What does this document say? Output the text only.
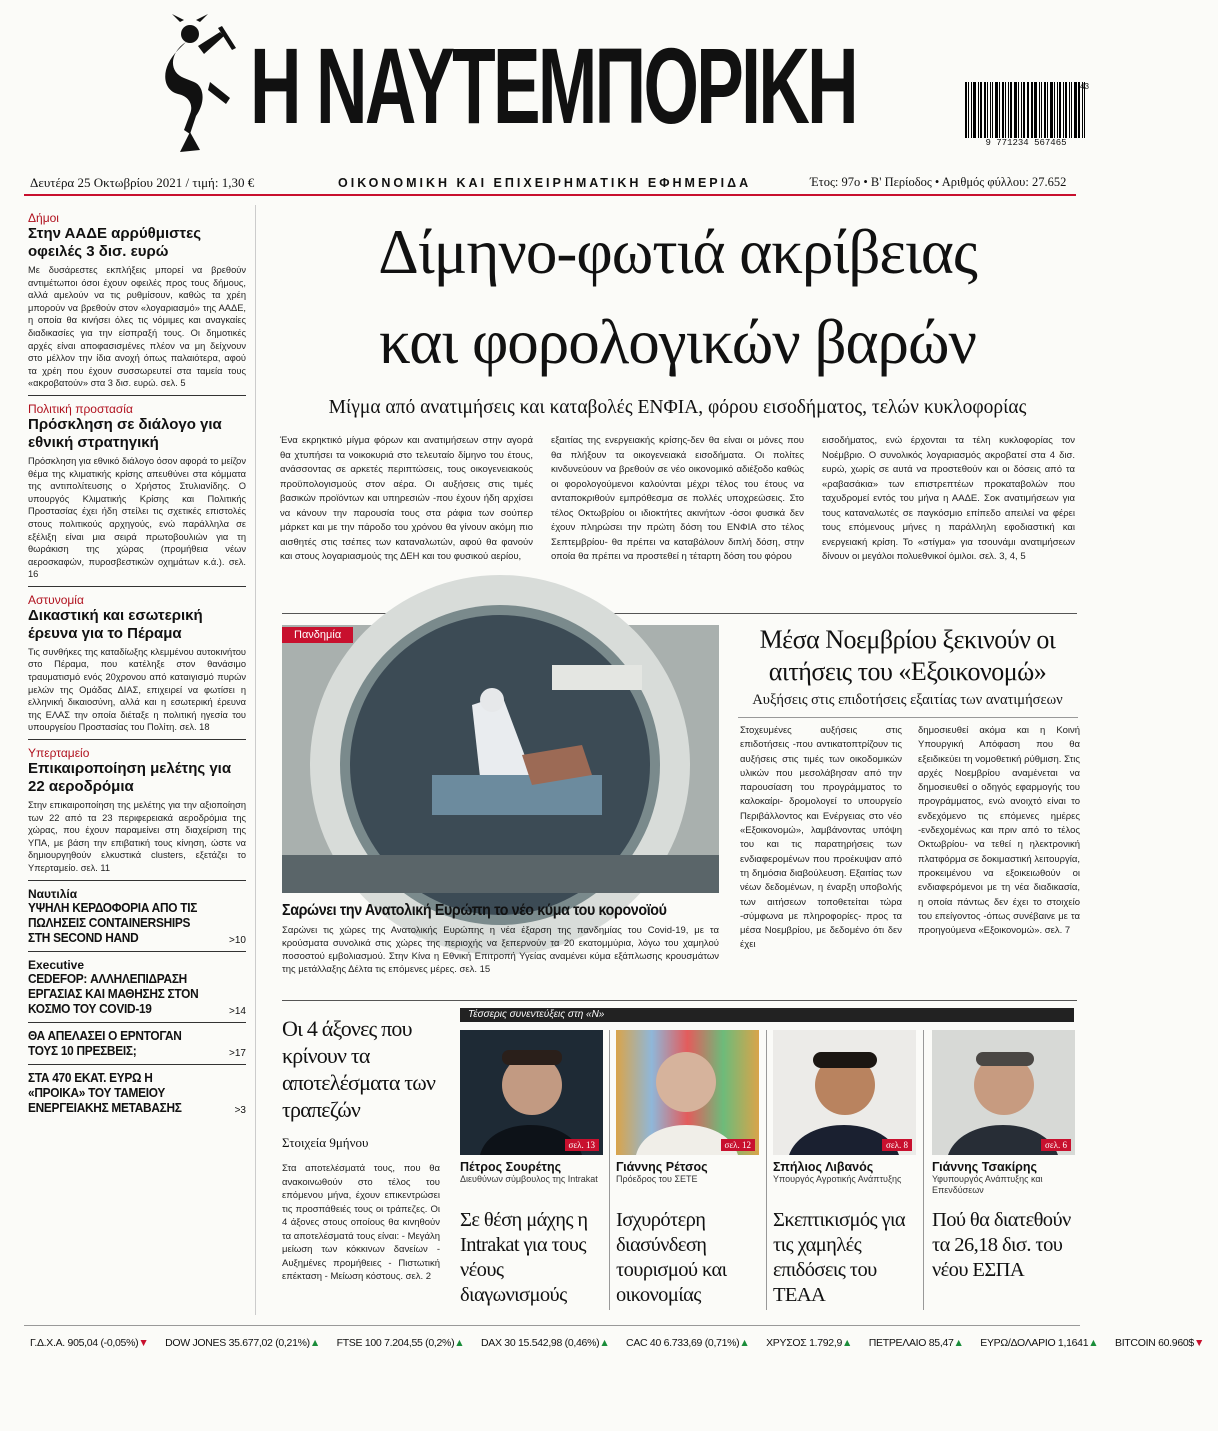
Η ΝΑΥΤΕΜΠΟΡΙΚΗ	9 771234 567465
43
Δευτέρα 25 Οκτωβρίου 2021 / τιμή: 1,30 €	ΟΙΚΟΝΟΜΙΚΗ ΚΑΙ ΕΠΙΧΕΙΡΗΜΑΤΙΚΗ ΕΦΗΜΕΡΙΔΑ	Έτος: 97ο • Β' Περίοδος • Αριθμός φύλλου: 27.652
Δήμοι
Στην ΑΑΔΕ αρρύθμιστες οφειλές 3 δισ. ευρώ
Με δυσάρεστες εκπλήξεις μπορεί να βρεθούν αντιμέτωποι όσοι έχουν οφειλές προς τους δήμους, αλλά αμελούν να τις ρυθμίσουν, καθώς τα χρέη μπορούν να βρεθούν στον «λογαριασμό» της ΑΑΔΕ, η οποία θα κινήσει όλες τις νόμιμες και αναγκαίες διαδικασίες για την είσπραξή τους. Οι δημοτικές αρχές είναι αποφασισμένες πλέον να μη δείχνουν στο μέλλον την ίδια ανοχή όπως παλαιότερα, αφού τα χρέη που έχουν συσσωρευτεί στα ταμεία τους «ακροβατούν» στα 3 δισ. ευρώ. σελ. 5
Πολιτική προστασία
Πρόσκληση σε διάλογο για εθνική στρατηγική
Πρόσκληση για εθνικό διάλογο όσον αφορά το μείζον θέμα της κλιματικής κρίσης απευθύνει στα κόμματα της αντιπολίτευσης ο Χρήστος Στυλιανίδης. Ο υπουργός Κλιματικής Κρίσης και Πολιτικής Προστασίας έχει ήδη στείλει τις σχετικές επιστολές στους πολιτικούς αρχηγούς, ενώ παράλληλα σε εξέλιξη είναι μια σειρά πρωτοβουλιών για τη θωράκιση της χώρας (προμήθεια νέων αεροσκαφών, πυροσβεστικών οχημάτων κ.ά.). σελ. 16
Αστυνομία
Δικαστική και εσωτερική έρευνα για το Πέραμα
Τις συνθήκες της καταδίωξης κλεμμένου αυτοκινήτου στο Πέραμα, που κατέληξε στον θανάσιμο τραυματισμό ενός 20χρονου από καταιγισμό πυρών μελών της Ομάδας ΔΙΑΣ, επιχειρεί να φωτίσει η ελληνική δικαιοσύνη, αλλά και η εσωτερική έρευνα της ΕΛΑΣ την οποία διέταξε η πολιτική ηγεσία του υπουργείου Προστασίας του Πολίτη. σελ. 18
Υπερταμείο
Επικαιροποίηση μελέτης για 22 αεροδρόμια
Στην επικαιροποίηση της μελέτης για την αξιοποίηση των 22 από τα 23 περιφερειακά αεροδρόμια της χώρας, που έχουν παραμείνει στη διαχείριση της ΥΠΑ, με βάση την επιβατική τους κίνηση, ώστε να δημιουργηθούν ελκυστικά clusters, εξετάζει το Υπερταμείο. σελ. 11
Ναυτιλία
ΥΨΗΛΗ ΚΕΡΔΟΦΟΡΙΑ ΑΠΟ ΤΙΣ ΠΩΛΗΣΕΙΣ CONTAINERSHIPS ΣΤΗ SECOND HAND	>10
Executive
CEDEFOP: ΑΛΛΗΛΕΠΙΔΡΑΣΗ ΕΡΓΑΣΙΑΣ ΚΑΙ ΜΑΘΗΣΗΣ ΣΤΟΝ ΚΟΣΜΟ ΤΟΥ COVID-19	>14
ΘΑ ΑΠΕΛΑΣΕΙ Ο ΕΡΝΤΟΓΑΝ ΤΟΥΣ 10 ΠΡΕΣΒΕΙΣ;	>17
ΣΤΑ 470 ΕΚΑΤ. ΕΥΡΩ Η «ΠΡΟΙΚΑ» ΤΟΥ ΤΑΜΕΙΟΥ ΕΝΕΡΓΕΙΑΚΗΣ ΜΕΤΑΒΑΣΗΣ	>3
Δίμηνο-φωτιά ακρίβειας
και φορολογικών βαρών
Μίγμα από ανατιμήσεις και καταβολές ΕΝΦΙΑ, φόρου εισοδήματος, τελών κυκλοφορίας

Ένα εκρηκτικό μίγμα φόρων και ανατιμήσεων στην αγορά θα χτυπήσει τα νοικοκυριά στο τελευταίο δίμηνο του έτους, ανάσσοντας σε αρκετές περιπτώσεις, τους οικογενειακούς προϋπολογισμούς στον αέρα. Οι αυξήσεις στις τιμές βασικών προϊόντων και υπηρεσιών -που έχουν ήδη αρχίσει να κάνουν την παρουσία τους στα ράφια των σούπερ μάρκετ και με την πάροδο του χρόνου θα γίνουν ακόμη πιο αισθητές στις τσέπες των καταναλωτών, αφού θα φανούν και στους λογαριασμούς της ΔΕΗ και του φυσικού αερίου,

εξαιτίας της ενεργειακής κρίσης-δεν θα είναι οι μόνες που θα πλήξουν τα οικογενειακά εισοδήματα. Οι πολίτες κινδυνεύουν να βρεθούν σε νέο οικονομικό αδιέξοδο καθώς οι φορολογούμενοι καλούνται μέχρι τέλος του έτους να ανταποκριθούν εμπρόθεσμα σε πολλές υποχρεώσεις. Στο τέλος Οκτωβρίου οι ιδιοκτήτες ακινήτων -όσοι φυσικά δεν έχουν πληρώσει την πρώτη δόση του ΕΝΦΙΑ στο τέλος Σεπτεμβρίου- θα πρέπει να καταβάλουν διπλή δόση, στην οποία θα πρέπει να προστεθεί η τέταρτη δόση του φόρου

εισοδήματος, ενώ έρχονται τα τέλη κυκλοφορίας τον Νοέμβριο. Ο συνολικός λογαριασμός ακροβατεί στα 4 δισ. ευρώ, χωρίς σε αυτά να προστεθούν και οι δόσεις από τα «ραβασάκια» των επιστρεπτέων προκαταβολών που ταχυδρομεί εντός του μήνα η ΑΑΔΕ. Σοκ ανατιμήσεων για τους καταναλωτές σε παγκόσμιο επίπεδο απειλεί να φέρει τους επόμενους μήνες η παράλληλη εφοδιαστική και ενεργειακή κρίση. Το «στίγμα» για τσουνάμι ανατιμήσεων δίνουν οι μεγάλοι πολυεθνικοί όμιλοι. σελ. 3, 4, 5

Πανδημία
Σαρώνει την Ανατολική Ευρώπη το νέο κύμα του κορονοϊού
Σαρώνει τις χώρες της Ανατολικής Ευρώπης η νέα έξαρση της πανδημίας του Covid-19, με τα κρούσματα συνολικά στις χώρες της περιοχής να ξεπερνούν τα 20 εκατομμύρια, λόγω του χαμηλού ποσοστού εμβολιασμού. Στην Κίνα η Εθνική Επιτροπή Υγείας αναμένει κύμα εξάπλωσης κρουσμάτων της μετάλλαξης Δέλτα τις επόμενες μέρες. σελ. 15
Μέσα Νοεμβρίου ξεκινούν οι αιτήσεις του «Εξοικονομώ»
Αυξήσεις στις επιδοτήσεις εξαιτίας των ανατιμήσεων

Στοχευμένες αυξήσεις στις επιδοτήσεις -που αντικατοπτρίζουν τις αυξήσεις στις τιμές των οικοδομικών υλικών που μεσολάβησαν από την παρουσίαση του προγράμματος το καλοκαίρι- δρομολογεί το υπουργείο Περιβάλλοντος και Ενέργειας στο νέο «Εξοικονομώ», λαμβάνοντας υπόψη του και τις παρατηρήσεις των ενδιαφερομένων που προέκυψαν από τη δημόσια διαβούλευση. Εξαιτίας των νέων δεδομένων, η έναρξη υποβολής των αιτήσεων τοποθετείται τώρα -σύμφωνα με πληροφορίες- προς τα μέσα Νοεμβρίου, με δεδομένο ότι δεν έχει

δημοσιευθεί ακόμα και η Κοινή Υπουργική Απόφαση που θα εξειδικεύει τη νομοθετική ρύθμιση. Στις αρχές Νοεμβρίου αναμένεται να δημοσιευθεί ο οδηγός εφαρμογής του προγράμματος, ενώ ανοιχτό είναι το ενδεχόμενο τις επόμενες ημέρες -ενδεχομένως και πριν από το τέλος Οκτωβρίου- να τεθεί η ηλεκτρονική πλατφόρμα σε δοκιμαστική λειτουργία, προκειμένου να εξοικειωθούν οι ενδιαφερόμενοι με τη νέα διαδικασία, η οποία πάντως δεν έχει το στοιχείο του επείγοντος -όπως συνέβαινε με τα προηγούμενα «Εξοικονομώ». σελ. 7

Οι 4 άξονες που κρίνουν τα αποτελέσματα των τραπεζών
Στοιχεία 9μήνου
Στα αποτελέσματά τους, που θα ανακοινωθούν στο τέλος του επόμενου μήνα, έχουν επικεντρώσει τις προσπάθειές τους οι τράπεζες. Οι 4 άξονες στους οποίους θα κινηθούν τα αποτελέσματά τους είναι: - Μεγάλη μείωση των κόκκινων δανείων - Αυξημένες προμήθειες - Πιστωτική επέκταση - Μείωση κόστους. σελ. 2
Τέσσερις συνεντεύξεις στη «Ν»
σελ. 13
Πέτρος Σουρέτης
Διευθύνων σύμβουλος της Intrakat
Σε θέση μάχης η Intrakat για τους νέους διαγωνισμούς
σελ. 12
Γιάννης Ρέτσος
Πρόεδρος του ΣΕΤΕ
Ισχυρότερη διασύνδεση τουρισμού και οικονομίας
σελ. 8
Σπήλιος Λιβανός
Υπουργός Αγροτικής Ανάπτυξης
Σκεπτικισμός για τις χαμηλές επιδόσεις του ΤΕΑΑ
σελ. 6
Γιάννης Τσακίρης
Υφυπουργός Ανάπτυξης και Επενδύσεων
Πού θα διατεθούν τα 26,18 δισ. του νέου ΕΣΠΑ
Γ.Δ.Χ.Α. 905,04 (-0,05%)▼ DOW JONES 35.677,02 (0,21%)▲ FTSE 100 7.204,55 (0,2%)▲ DAX 30 15.542,98 (0,46%)▲ CAC 40 6.733,69 (0,71%)▲ ΧΡΥΣΟΣ 1.792,9▲ ΠΕΤΡΕΛΑΙΟ 85,47▲ ΕΥΡΩ/ΔΟΛΑΡΙΟ 1,1641▲ BITCOIN 60.960$▼
